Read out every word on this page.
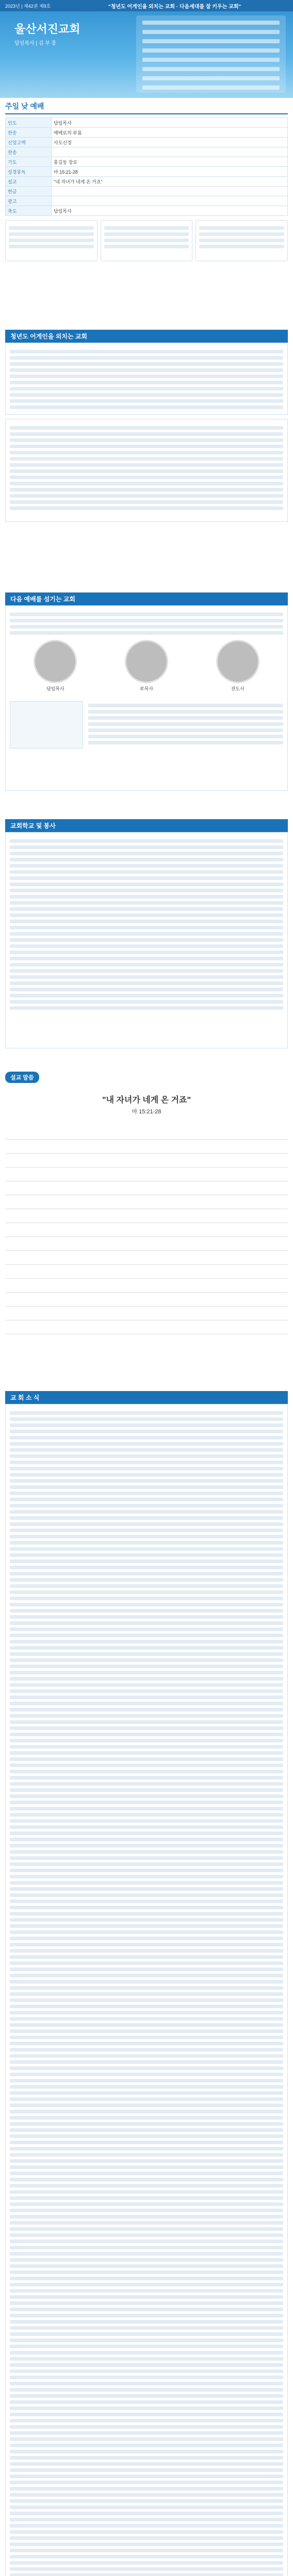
2023년 | 제42권 제9호	"청년도 어게인을 외치는 교회 · 다음세대를 잘 키우는 교회"
울산서진교회
담임목사 | 김 부 흥
주일 낮 예배
인도	담임목사
찬송	예배로의 부름
신앙고백	사도신경
찬송	
기도	홍길동 장로
성경봉독	마 15:21-28
설교	"내 자녀가 네게 온 거죠"
헌금	
광고	
축도	담임목사
청년도 어게인을 외치는 교회
다음 예배를 섬기는 교회
담임목사	부목사	전도사
교회학교 및 봉사
설교 말씀
"내 자녀가 네게 온 거죠"
마 15:21-28
교 회 소 식
